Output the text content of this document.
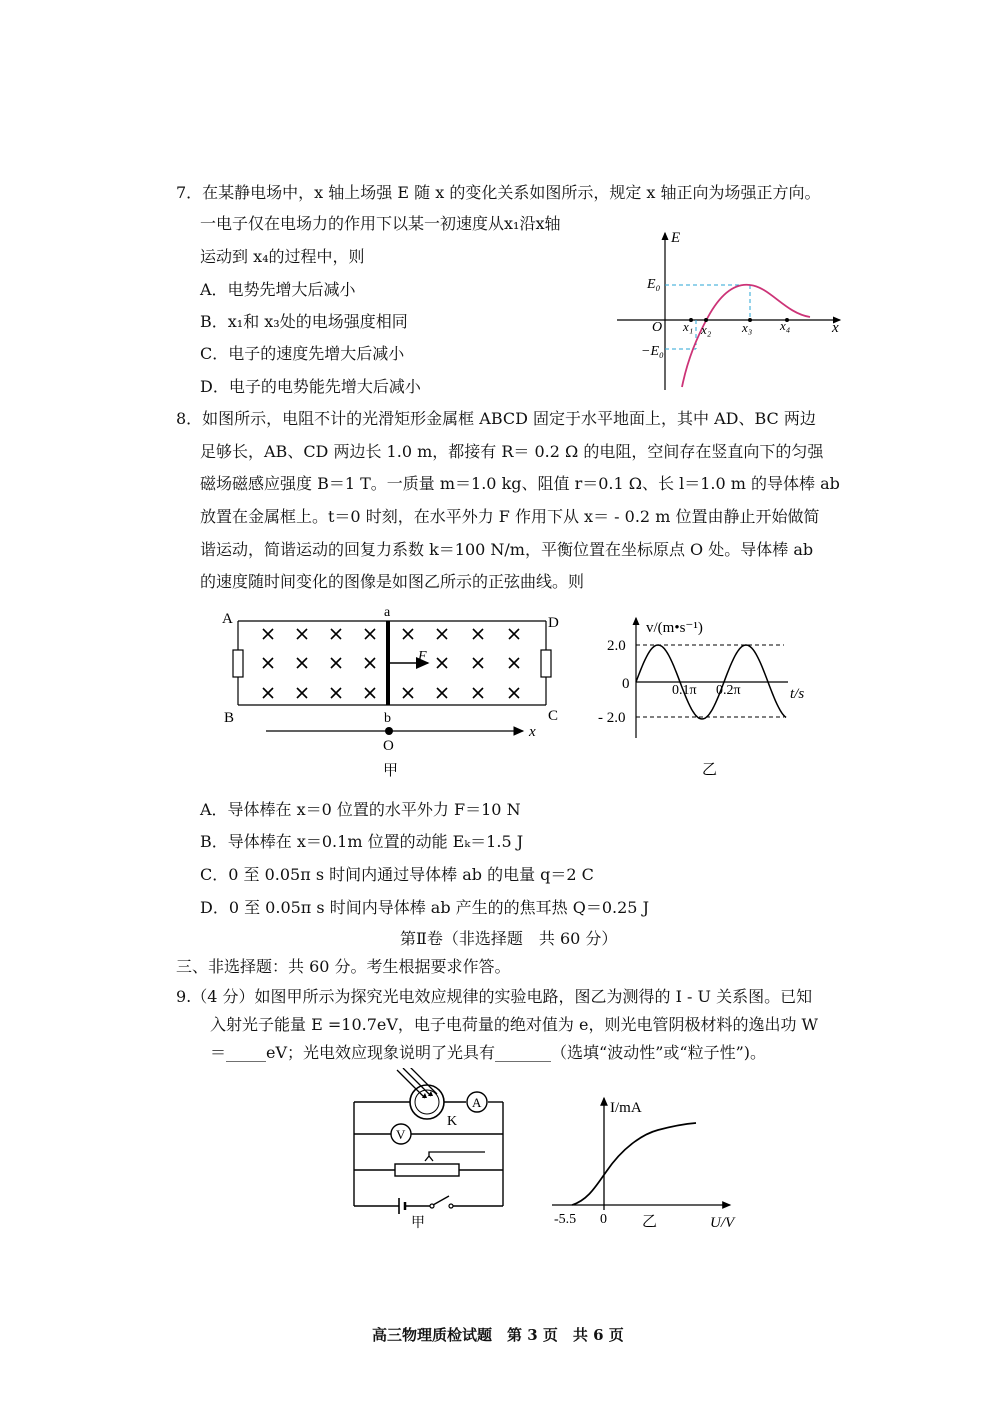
7．在某静电场中，x 轴上场强 E 随 x 的变化关系如图所示，规定 x 轴正向为场强正方向。
一电子仅在电场力的作用下以某一初速度从x₁沿x轴
运动到 x₄的过程中，则
A．电势先增大后减小
B．x₁和 x₃处的电场强度相同
C．电子的速度先增大后减小
D．电子的电势能先增大后减小
E
E₀
−E₀
O x₁ x₂ x₃ x₄	x
8．如图所示，电阻不计的光滑矩形金属框 ABCD 固定于水平地面上，其中 AD、BC 两边
足够长，AB、CD 两边长 1.0 m，都接有 R＝ 0.2 Ω 的电阻，空间存在竖直向下的匀强
磁场磁感应强度 B＝1 T。一质量 m＝1.0 kg、阻值 r＝0.1 Ω、长 l＝1.0 m 的导体棒 ab
放置在金属框上。t＝0 时刻，在水平外力 F 作用下从 x＝ - 0.2 m 位置由静止开始做简
谐运动，简谐运动的回复力系数 k＝100 N/m，平衡位置在坐标原点 O 处。导体棒 ab
的速度随时间变化的图像是如图乙所示的正弦曲线。则
A
B	C
D
a
b
O
F
x
甲
v/(m•s⁻¹)
2.0
0
- 2.0
0.1π 0.2π	t/s
乙
A．导体棒在 x＝0 位置的水平外力 F＝10 N
B．导体棒在 x＝0.1m 位置的动能 Eₖ＝1.5 J
C．0 至 0.05π s 时间内通过导体棒 ab 的电量 q＝2 C
D．0 至 0.05π s 时间内导体棒 ab 产生的的焦耳热 Q＝0.25 J
第Ⅱ卷（非选择题　共 60 分）
三、非选择题：共 60 分。考生根据要求作答。
9.（4 分）如图甲所示为探究光电效应规律的实验电路，图乙为测得的 I - U 关系图。已知
入射光子能量 E =10.7eV，电子电荷量的绝对值为 e，则光电管阴极材料的逸出功 W
＝_____eV；光电效应现象说明了光具有_______（选填“波动性”或“粒子性”)。
A
V
K
甲
I/mA
-5.5 0 乙	U/V
高三物理质检试题　第 3 页　共 6 页
